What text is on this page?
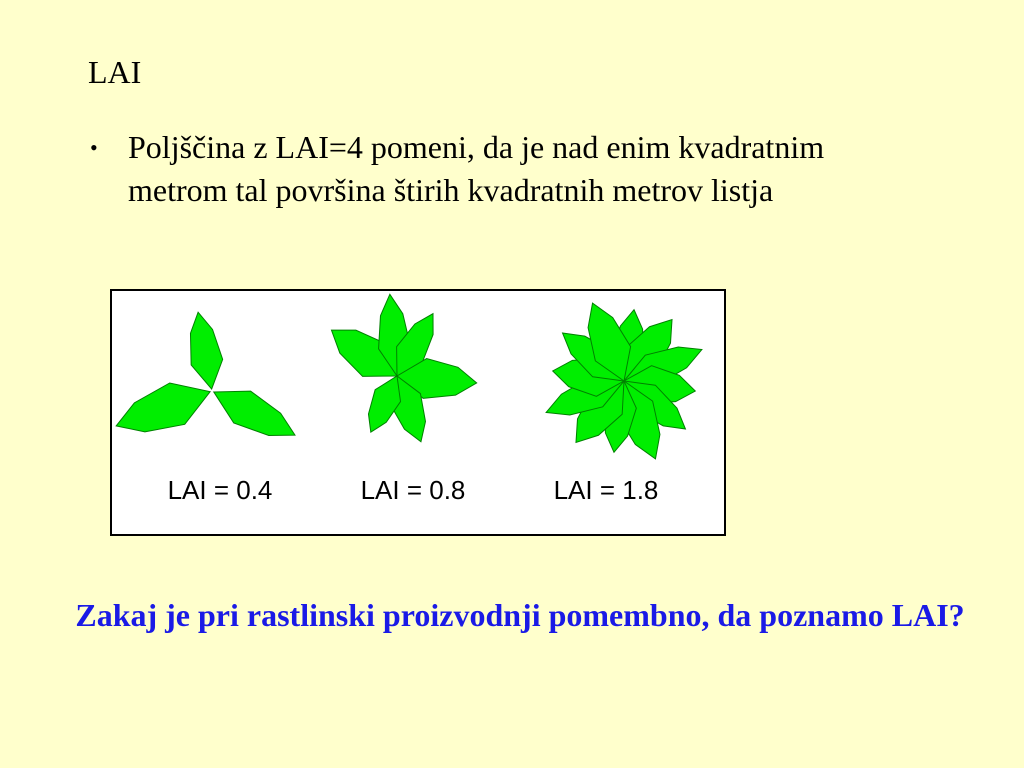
LAI
• Poljščina z LAI=4 pomeni, da je nad enim kvadratnim metrom tal površina štirih kvadratnih metrov listja
LAI = 0.4	LAI = 0.8	LAI = 1.8
Zakaj je pri rastlinski proizvodnji pomembno, da poznamo LAI?
